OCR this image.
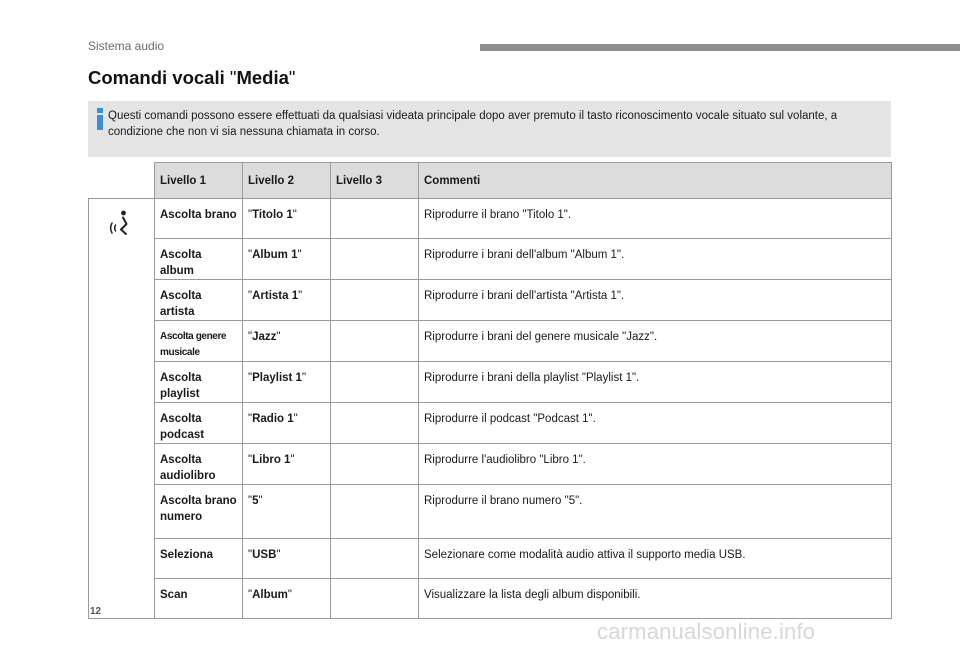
Sistema audio
Comandi vocali "Media"
Questi comandi possono essere effettuati da qualsiasi videata principale dopo aver premuto il tasto riconoscimento vocale situato sul volante, a condizione che non vi sia nessuna chiamata in corso.
	Livello 1	Livello 2	Livello 3	Commenti

	Ascolta brano	"Titolo 1"		Riprodurre il brano "Titolo 1".
	Ascolta album	"Album 1"		Riprodurre i brani dell'album "Album 1".
	Ascolta artista	"Artista 1"		Riprodurre i brani dell'artista "Artista 1".
	Ascolta genere musicale	"Jazz"		Riprodurre i brani del genere musicale "Jazz".
	Ascolta playlist	"Playlist 1"		Riprodurre i brani della playlist "Playlist 1".
	Ascolta podcast	"Radio 1"		Riprodurre il podcast "Podcast 1".
	Ascolta audiolibro	"Libro 1"		Riprodurre l'audiolibro "Libro 1".
	Ascolta brano numero	"5"		Riprodurre il brano numero "5".
	Seleziona	"USB"		Selezionare come modalità audio attiva il supporto media USB.
	Scan	"Album"		Visualizzare la lista degli album disponibili.
12
carmanualsonline.info
